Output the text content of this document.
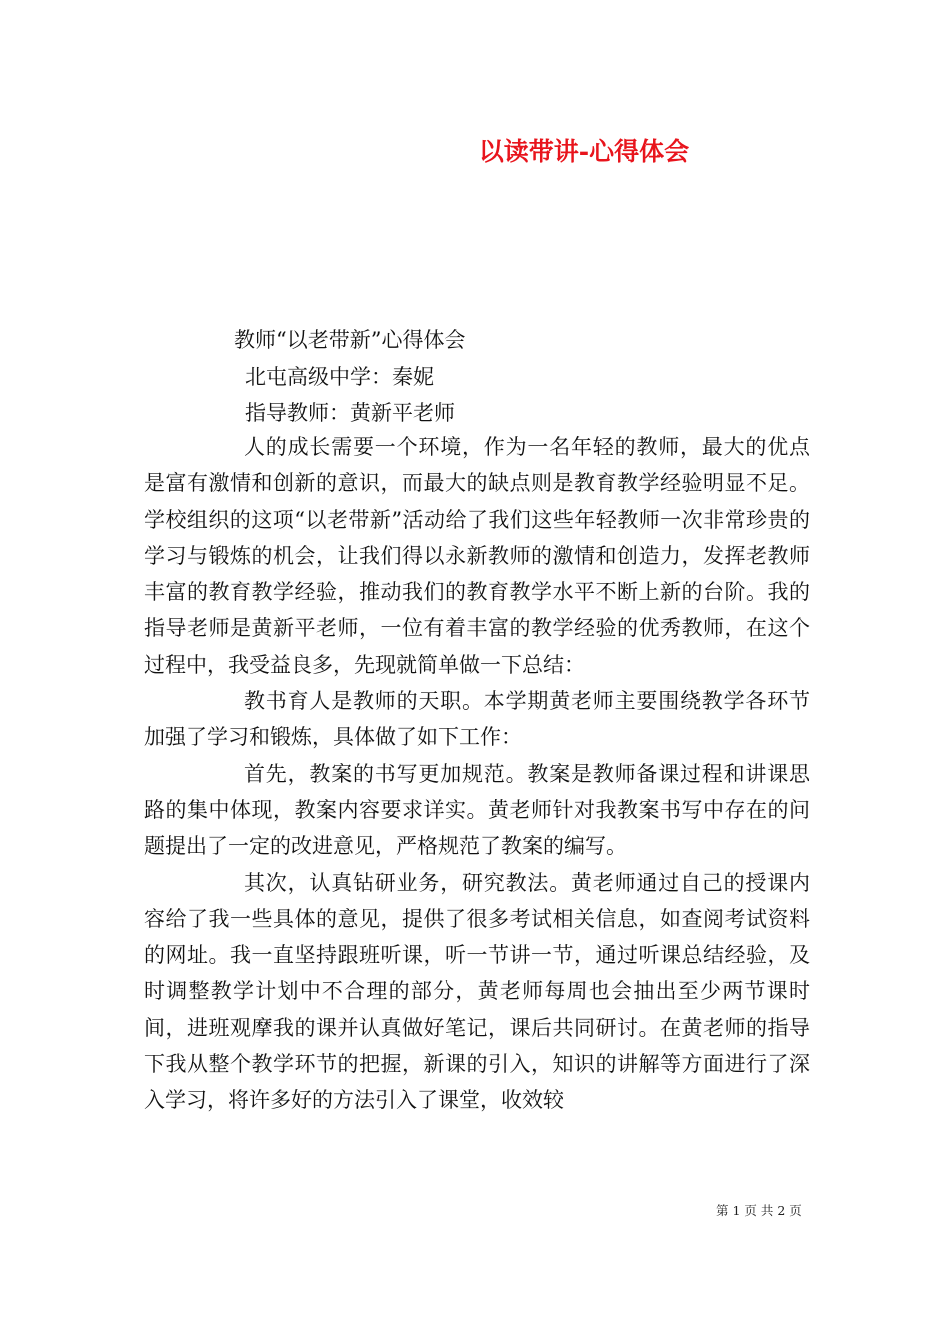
以读带讲-心得体会
教师“以老带新”心得体会
北屯高级中学：秦妮
指导教师：黄新平老师

人的成长需要一个环境，作为一名年轻的教师，最大的优点是富有激情和创新的意识，而最大的缺点则是教育教学经验明显不足。学校组织的这项“以老带新”活动给了我们这些年轻教师一次非常珍贵的学习与锻炼的机会，让我们得以永新教师的激情和创造力，发挥老教师丰富的教育教学经验，推动我们的教育教学水平不断上新的台阶。我的指导老师是黄新平老师，一位有着丰富的教学经验的优秀教师，在这个过程中，我受益良多，先现就简单做一下总结：

教书育人是教师的天职。本学期黄老师主要围绕教学各环节加强了学习和锻炼，具体做了如下工作：

首先，教案的书写更加规范。教案是教师备课过程和讲课思路的集中体现，教案内容要求详实。黄老师针对我教案书写中存在的问题提出了一定的改进意见，严格规范了教案的编写。

其次，认真钻研业务，研究教法。黄老师通过自己的授课内容给了我一些具体的意见，提供了很多考试相关信息，如查阅考试资料的网址。我一直坚持跟班听课，听一节讲一节，通过听课总结经验，及时调整教学计划中不合理的部分，黄老师每周也会抽出至少两节课时间，进班观摩我的课并认真做好笔记，课后共同研讨。在黄老师的指导下我从整个教学环节的把握，新课的引入，知识的讲解等方面进行了深入学习，将许多好的方法引入了课堂，收效较

第 1 页 共 2 页
